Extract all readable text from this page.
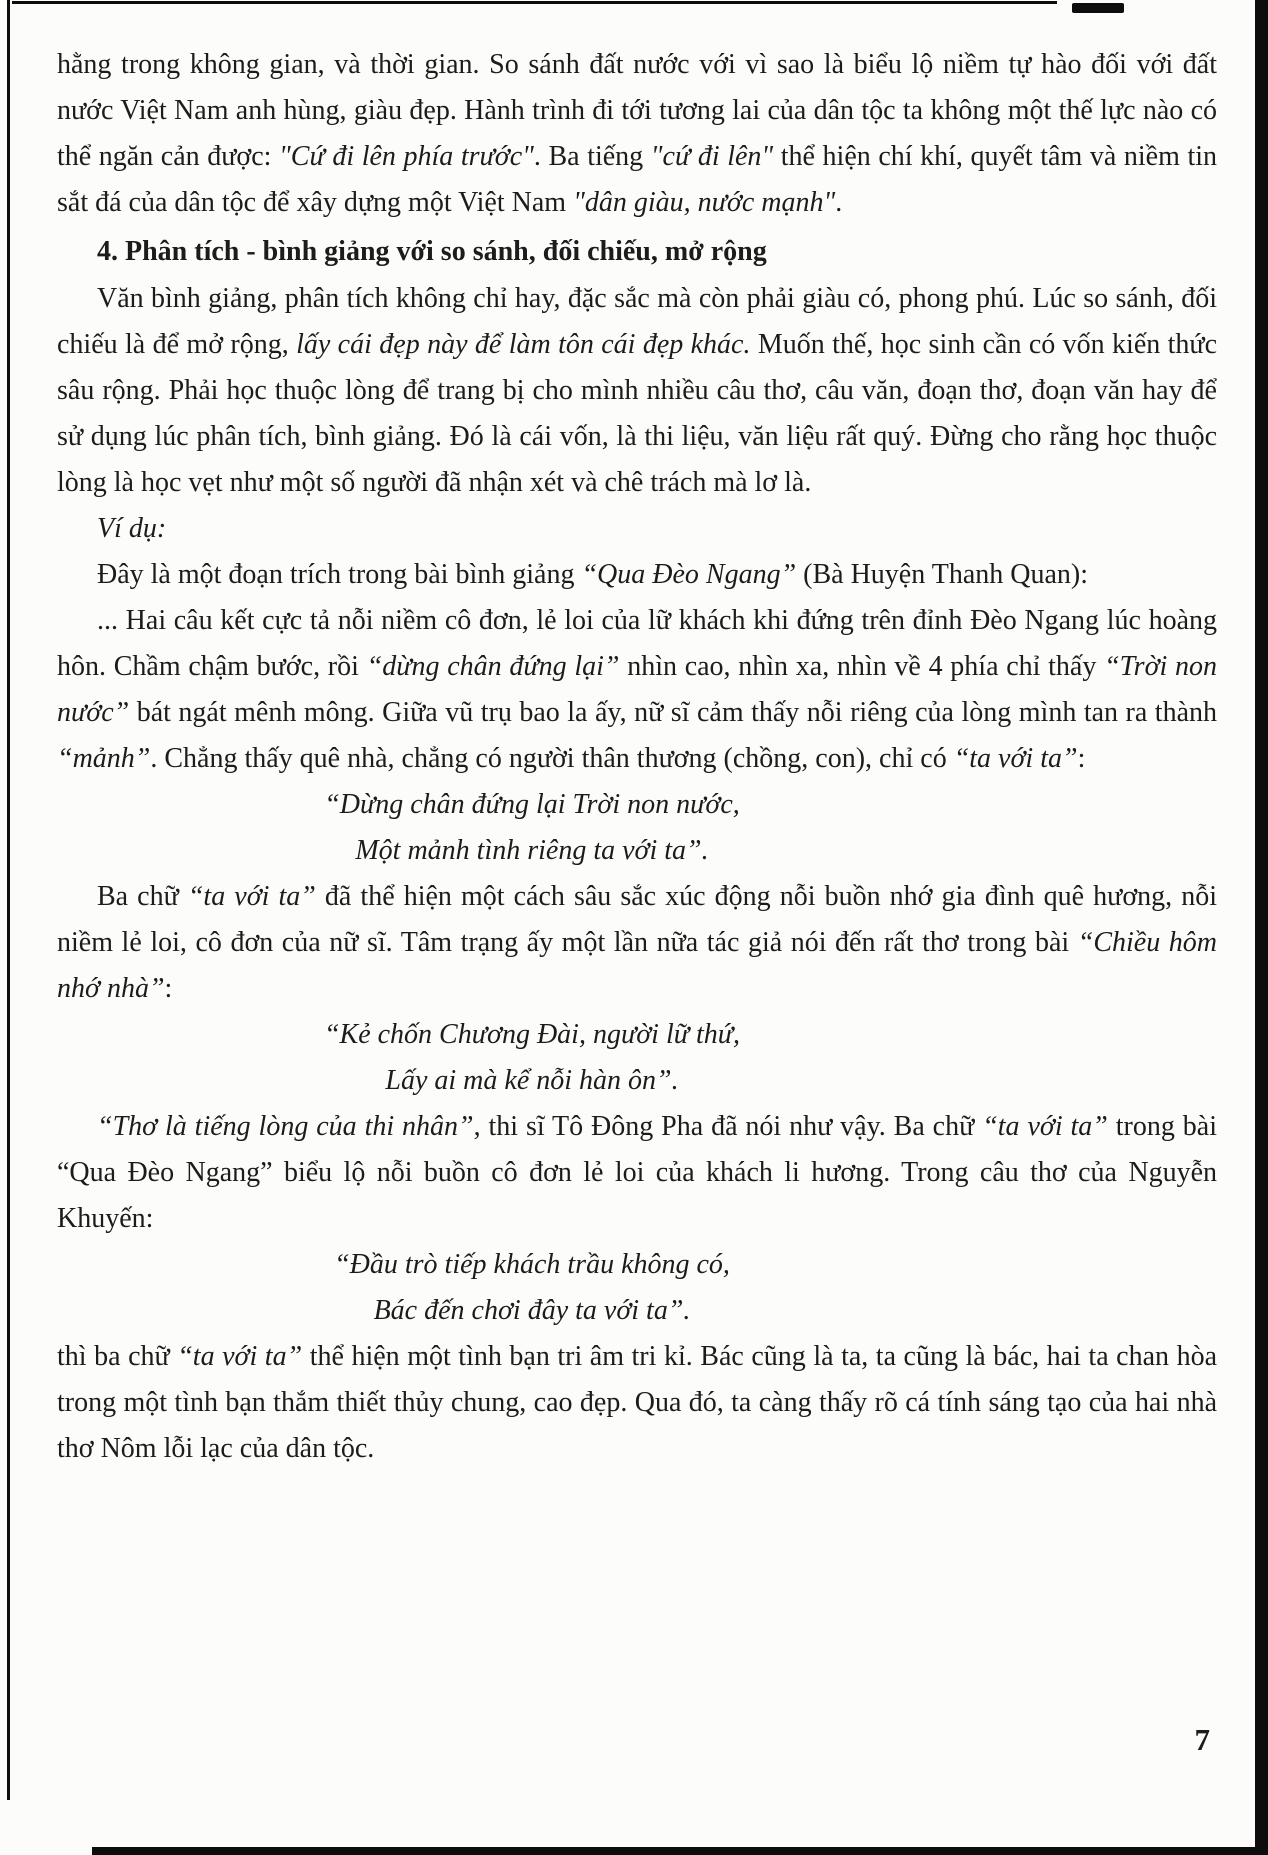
hằng trong không gian, và thời gian. So sánh đất nước với vì sao là biểu lộ niềm tự hào đối với đất nước Việt Nam anh hùng, giàu đẹp. Hành trình đi tới tương lai của dân tộc ta không một thế lực nào có thể ngăn cản được: "Cứ đi lên phía trước". Ba tiếng "cứ đi lên" thể hiện chí khí, quyết tâm và niềm tin sắt đá của dân tộc để xây dựng một Việt Nam "dân giàu, nước mạnh".

4. Phân tích - bình giảng với so sánh, đối chiếu, mở rộng

Văn bình giảng, phân tích không chỉ hay, đặc sắc mà còn phải giàu có, phong phú. Lúc so sánh, đối chiếu là để mở rộng, lấy cái đẹp này để làm tôn cái đẹp khác. Muốn thế, học sinh cần có vốn kiến thức sâu rộng. Phải học thuộc lòng để trang bị cho mình nhiều câu thơ, câu văn, đoạn thơ, đoạn văn hay để sử dụng lúc phân tích, bình giảng. Đó là cái vốn, là thi liệu, văn liệu rất quý. Đừng cho rằng học thuộc lòng là học vẹt như một số người đã nhận xét và chê trách mà lơ là.

Ví dụ:

Đây là một đoạn trích trong bài bình giảng “Qua Đèo Ngang” (Bà Huyện Thanh Quan):

... Hai câu kết cực tả nỗi niềm cô đơn, lẻ loi của lữ khách khi đứng trên đỉnh Đèo Ngang lúc hoàng hôn. Chầm chậm bước, rồi “dừng chân đứng lại” nhìn cao, nhìn xa, nhìn về 4 phía chỉ thấy “Trời non nước” bát ngát mênh mông. Giữa vũ trụ bao la ấy, nữ sĩ cảm thấy nỗi riêng của lòng mình tan ra thành “mảnh”. Chẳng thấy quê nhà, chẳng có người thân thương (chồng, con), chỉ có “ta với ta”:

“Dừng chân đứng lại Trời non nước,
Một mảnh tình riêng ta với ta”.

Ba chữ “ta với ta” đã thể hiện một cách sâu sắc xúc động nỗi buồn nhớ gia đình quê hương, nỗi niềm lẻ loi, cô đơn của nữ sĩ. Tâm trạng ấy một lần nữa tác giả nói đến rất thơ trong bài “Chiều hôm nhớ nhà”:

“Kẻ chốn Chương Đài, người lữ thứ,
Lấy ai mà kể nỗi hàn ôn”.

“Thơ là tiếng lòng của thi nhân”, thi sĩ Tô Đông Pha đã nói như vậy. Ba chữ “ta với ta” trong bài “Qua Đèo Ngang” biểu lộ nỗi buồn cô đơn lẻ loi của khách li hương. Trong câu thơ của Nguyễn Khuyến:

“Đầu trò tiếp khách trầu không có,
Bác đến chơi đây ta với ta”.

thì ba chữ “ta với ta” thể hiện một tình bạn tri âm tri kỉ. Bác cũng là ta, ta cũng là bác, hai ta chan hòa trong một tình bạn thắm thiết thủy chung, cao đẹp. Qua đó, ta càng thấy rõ cá tính sáng tạo của hai nhà thơ Nôm lỗi lạc của dân tộc.

7
